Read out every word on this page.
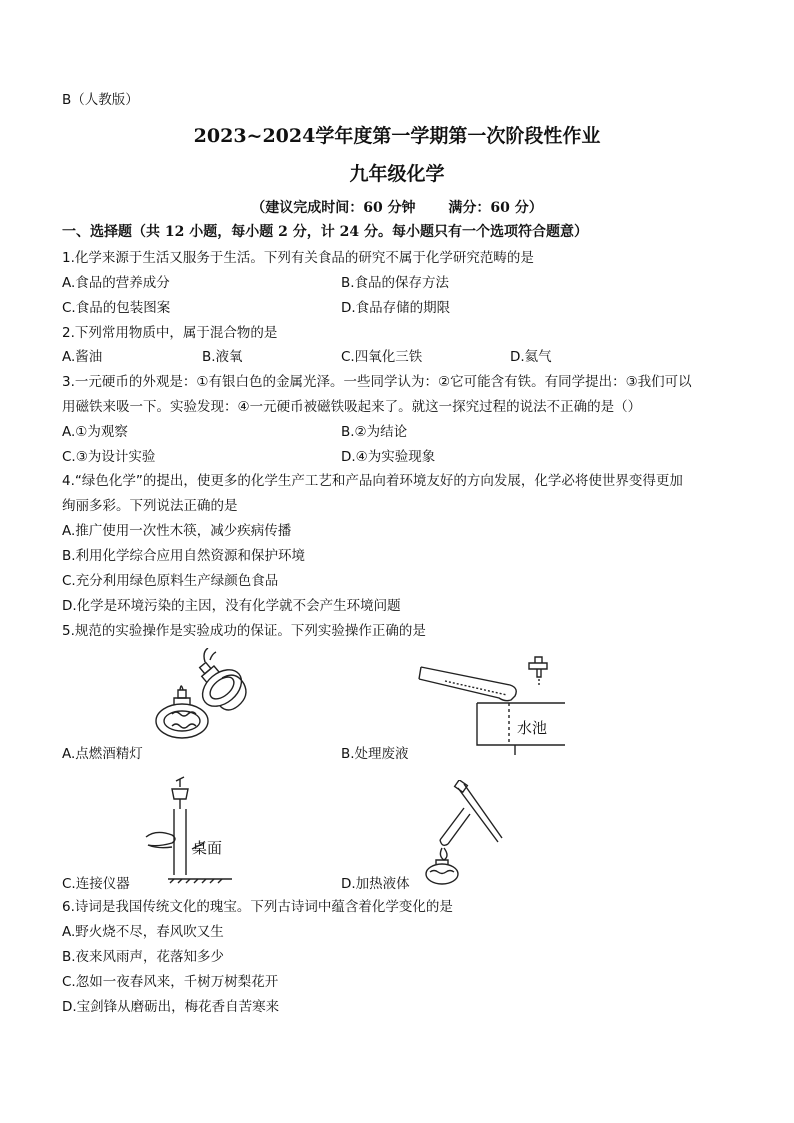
B（人教版）
2023~2024学年度第一学期第一次阶段性作业
九年级化学
（建议完成时间：60 分钟　　 满分：60 分）
一、选择题（共 12 小题，每小题 2 分，计 24 分。每小题只有一个选项符合题意）
1.化学来源于生活又服务于生活。下列有关食品的研究不属于化学研究范畴的是
A.食品的营养成分	B.食品的保存方法
C.食品的包装图案	D.食品存储的期限
2.下列常用物质中，属于混合物的是
A.酱油	B.液氧	C.四氧化三铁	D.氦气
3.一元硬币的外观是：①有银白色的金属光泽。一些同学认为：②它可能含有铁。有同学提出：③我们可以
用磁铁来吸一下。实验发现：④一元硬币被磁铁吸起来了。就这一探究过程的说法不正确的是（）
A.①为观察	B.②为结论
C.③为设计实验	D.④为实验现象
4.“绿色化学”的提出，使更多的化学生产工艺和产品向着环境友好的方向发展，化学必将使世界变得更加
绚丽多彩。下列说法正确的是
A.推广使用一次性木筷，减少疾病传播
B.利用化学综合应用自然资源和保护环境
C.充分利用绿色原料生产绿颜色食品
D.化学是环境污染的主因，没有化学就不会产生环境问题
5.规范的实验操作是实验成功的保证。下列实验操作正确的是
A.点燃酒精灯
水池
B.处理废液
桌面
C.连接仪器	D.加热液体
6.诗词是我国传统文化的瑰宝。下列古诗词中蕴含着化学变化的是
A.野火烧不尽，春风吹又生
B.夜来风雨声，花落知多少
C.忽如一夜春风来，千树万树梨花开
D.宝剑锋从磨砺出，梅花香自苦寒来
